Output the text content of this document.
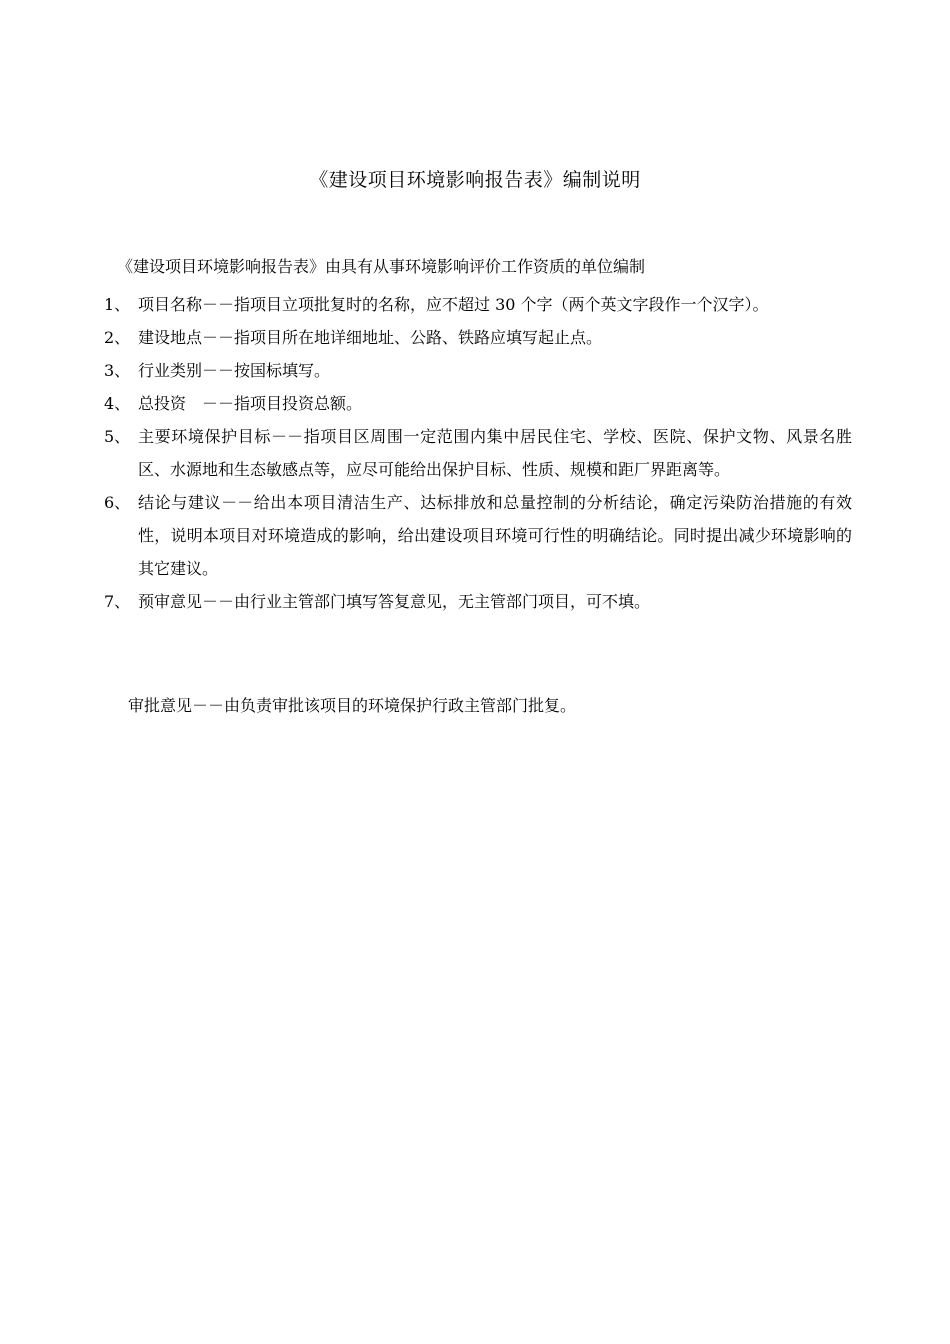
《建设项目环境影响报告表》编制说明
《建设项目环境影响报告表》由具有从事环境影响评价工作资质的单位编制
1、 项目名称－－指项目立项批复时的名称，应不超过 30 个字（两个英文字段作一个汉字）。
2、 建设地点－－指项目所在地详细地址、公路、铁路应填写起止点。
3、 行业类别－－按国标填写。
4、 总投资　－－指项目投资总额。
5、 主要环境保护目标－－指项目区周围一定范围内集中居民住宅、学校、医院、保护文物、风景名胜区、水源地和生态敏感点等，应尽可能给出保护目标、性质、规模和距厂界距离等。
6、 结论与建议－－给出本项目清洁生产、达标排放和总量控制的分析结论，确定污染防治措施的有效性，说明本项目对环境造成的影响，给出建设项目环境可行性的明确结论。同时提出减少环境影响的其它建议。
7、 预审意见－－由行业主管部门填写答复意见，无主管部门项目，可不填。
审批意见－－由负责审批该项目的环境保护行政主管部门批复。
